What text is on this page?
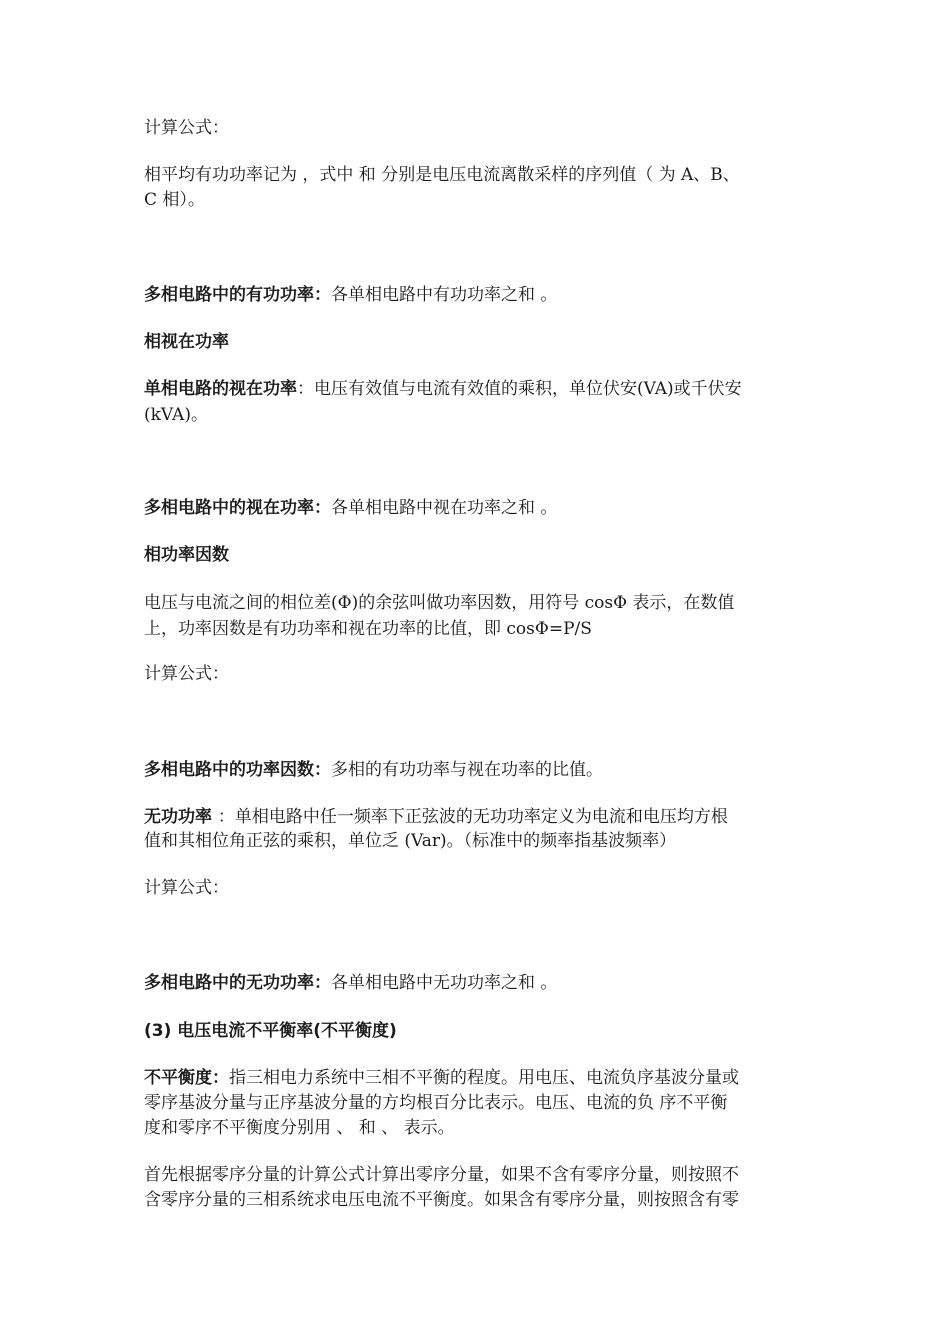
计算公式：
相平均有功功率记为 ，式中 和 分别是电压电流离散采样的序列值（ 为 A、B、
C 相）。
多相电路中的有功功率：各单相电路中有功功率之和 。
相视在功率
单相电路的视在功率：电压有效值与电流有效值的乘积，单位伏安(VA)或千伏安
(kVA)。
多相电路中的视在功率：各单相电路中视在功率之和 。
相功率因数
电压与电流之间的相位差(Φ)的余弦叫做功率因数，用符号 cosΦ 表示，在数值
上，功率因数是有功功率和视在功率的比值，即 cosΦ=P/S
计算公式：
多相电路中的功率因数：多相的有功功率与视在功率的比值。
无功功率 ：单相电路中任一频率下正弦波的无功功率定义为电流和电压均方根
值和其相位角正弦的乘积，单位乏 (Var)。（标准中的频率指基波频率）
计算公式：
多相电路中的无功功率：各单相电路中无功功率之和 。
(3) 电压电流不平衡率(不平衡度)
不平衡度：指三相电力系统中三相不平衡的程度。用电压、电流负序基波分量或
零序基波分量与正序基波分量的方均根百分比表示。电压、电流的负 序不平衡
度和零序不平衡度分别用 、 和 、 表示。
首先根据零序分量的计算公式计算出零序分量，如果不含有零序分量，则按照不
含零序分量的三相系统求电压电流不平衡度。如果含有零序分量，则按照含有零
